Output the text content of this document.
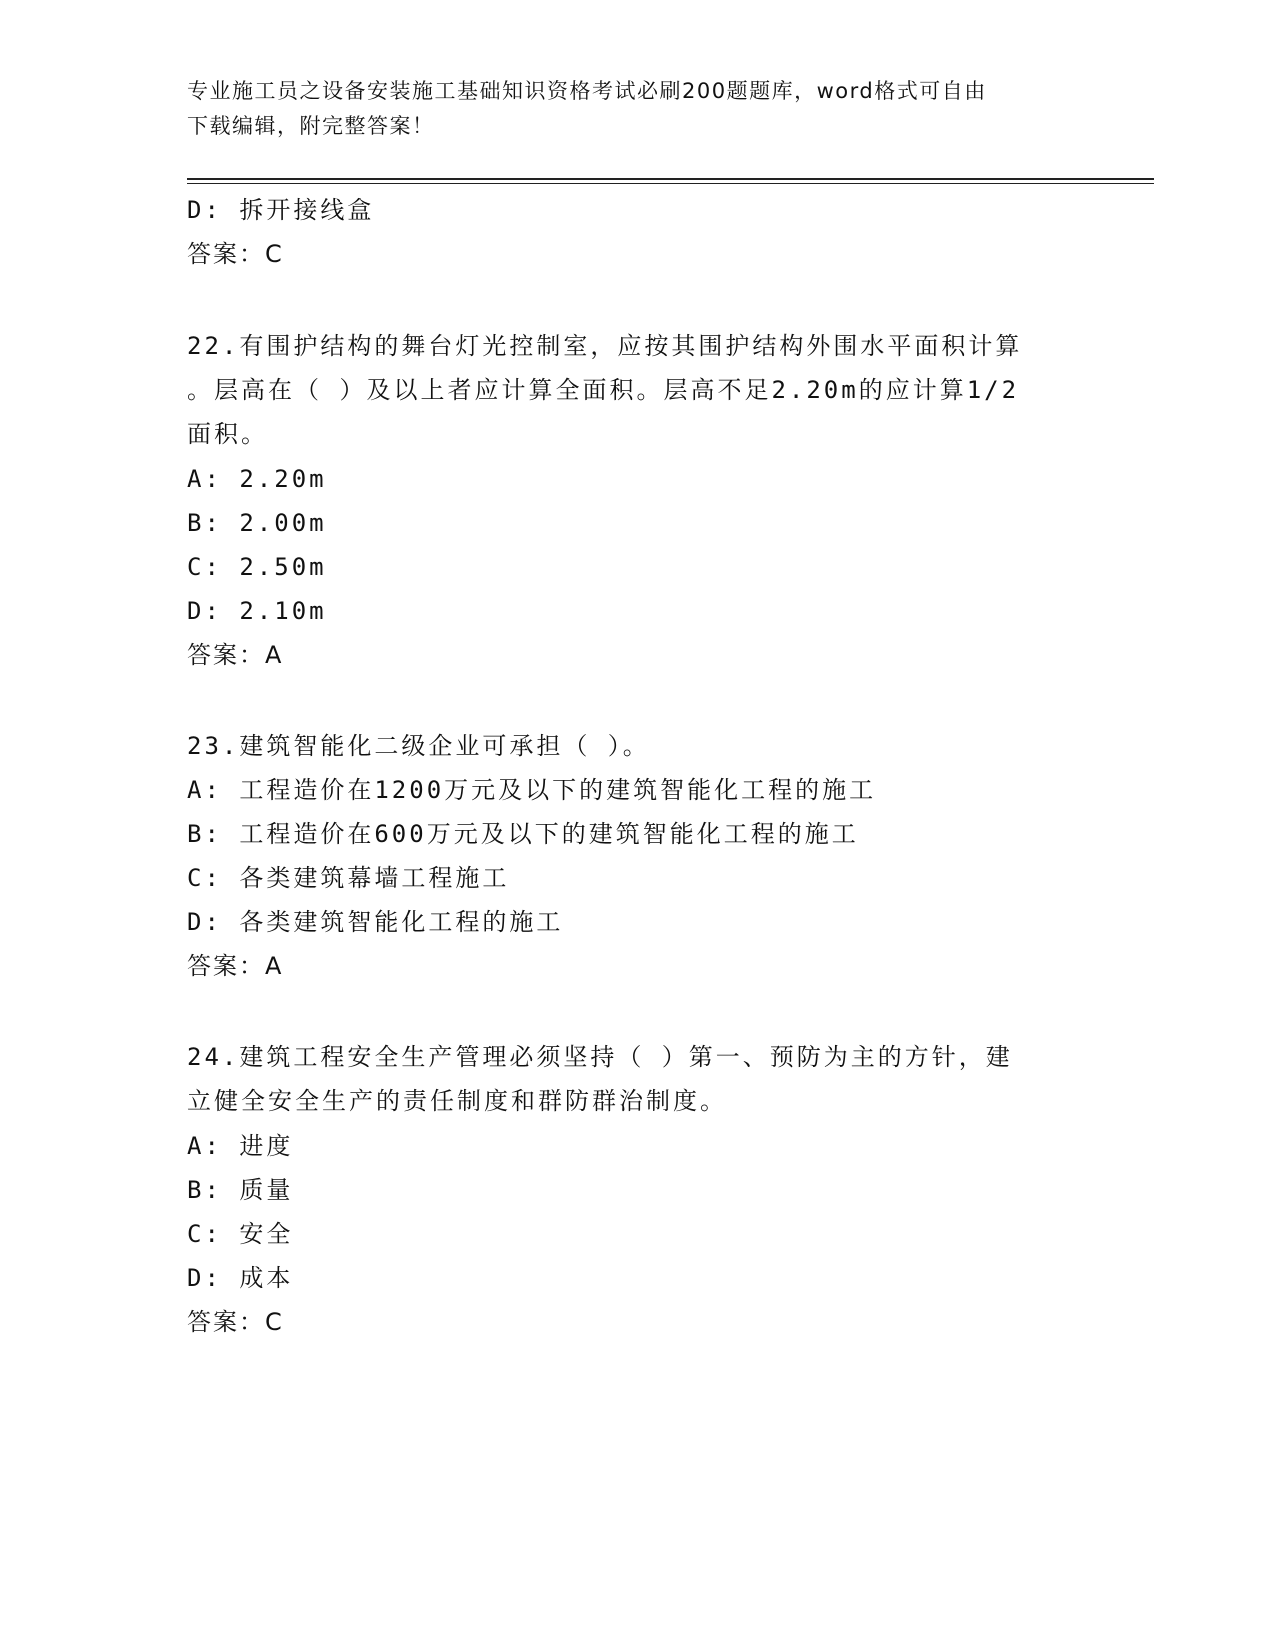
专业施工员之设备安装施工基础知识资格考试必刷200题题库，word格式可自由
下载编辑，附完整答案！
D: 拆开接线盒
答案：C
22.有围护结构的舞台灯光控制室，应按其围护结构外围水平面积计算
。层高在（ ）及以上者应计算全面积。层高不足2.20m的应计算1/2
面积。
A: 2.20m
B: 2.00m
C: 2.50m
D: 2.10m
答案：A
23.建筑智能化二级企业可承担（ ）。
A: 工程造价在1200万元及以下的建筑智能化工程的施工
B: 工程造价在600万元及以下的建筑智能化工程的施工
C: 各类建筑幕墙工程施工
D: 各类建筑智能化工程的施工
答案：A
24.建筑工程安全生产管理必须坚持（ ）第一、预防为主的方针，建
立健全安全生产的责任制度和群防群治制度。
A: 进度
B: 质量
C: 安全
D: 成本
答案：C
